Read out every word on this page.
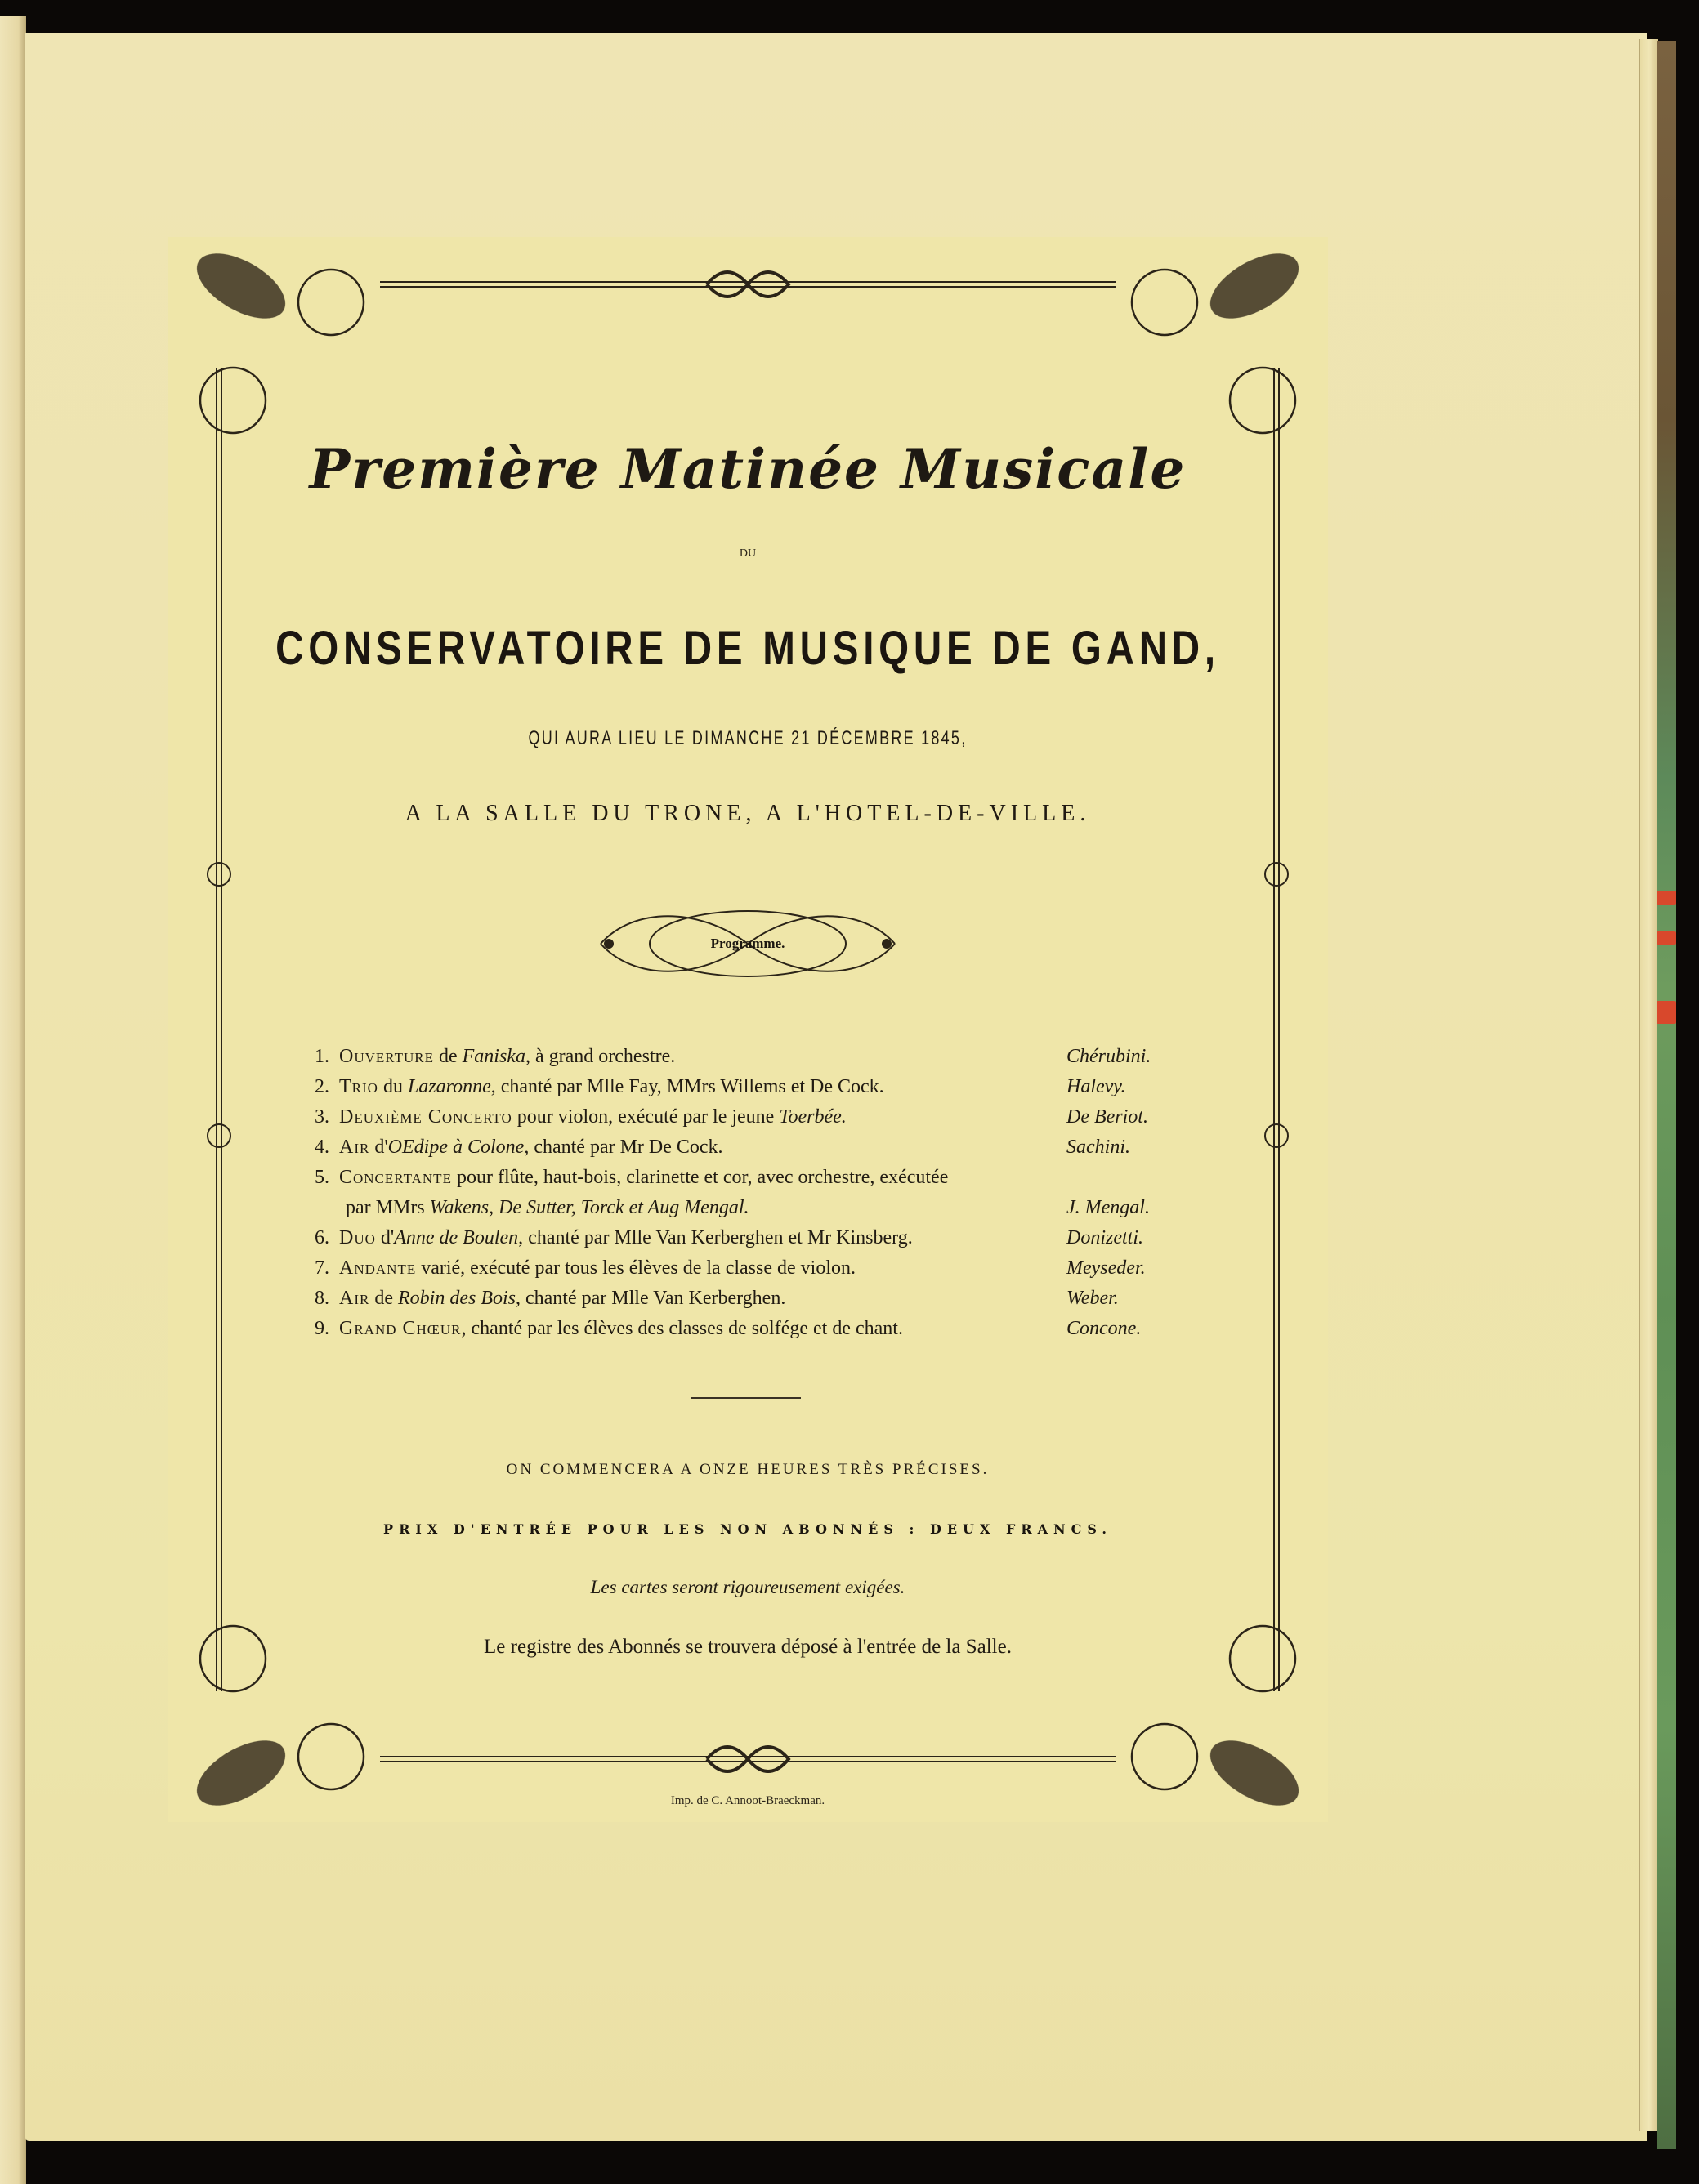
Première Matinée Musicale
DU
CONSERVATOIRE DE MUSIQUE DE GAND,
QUI AURA LIEU LE DIMANCHE 21 DÉCEMBRE 1845,
A LA SALLE DU TRONE, A L'HOTEL-DE-VILLE.
Programme.
1. Ouverture de Faniska, à grand orchestre.	Chérubini.
2. Trio du Lazaronne, chanté par Mlle Fay, MMrs Willems et De Cock.	Halevy.
3. Deuxième Concerto pour violon, exécuté par le jeune Toerbée.	De Beriot.
4. Air d'OEdipe à Colone, chanté par Mr De Cock.	Sachini.
5. Concertante pour flûte, haut-bois, clarinette et cor, avec orchestre, exécutée
par MMrs Wakens, De Sutter, Torck et Aug Mengal.	J. Mengal.
6. Duo d'Anne de Boulen, chanté par Mlle Van Kerberghen et Mr Kinsberg.	Donizetti.
7. Andante varié, exécuté par tous les élèves de la classe de violon.	Meyseder.
8. Air de Robin des Bois, chanté par Mlle Van Kerberghen.	Weber.
9. Grand Chœur, chanté par les élèves des classes de solfége et de chant.	Concone.
ON COMMENCERA A ONZE HEURES TRÈS PRÉCISES.
PRIX D'ENTRÉE POUR LES NON ABONNÉS : DEUX FRANCS.
Les cartes seront rigoureusement exigées.
Le registre des Abonnés se trouvera déposé à l'entrée de la Salle.
Imp. de C. Annoot-Braeckman.
